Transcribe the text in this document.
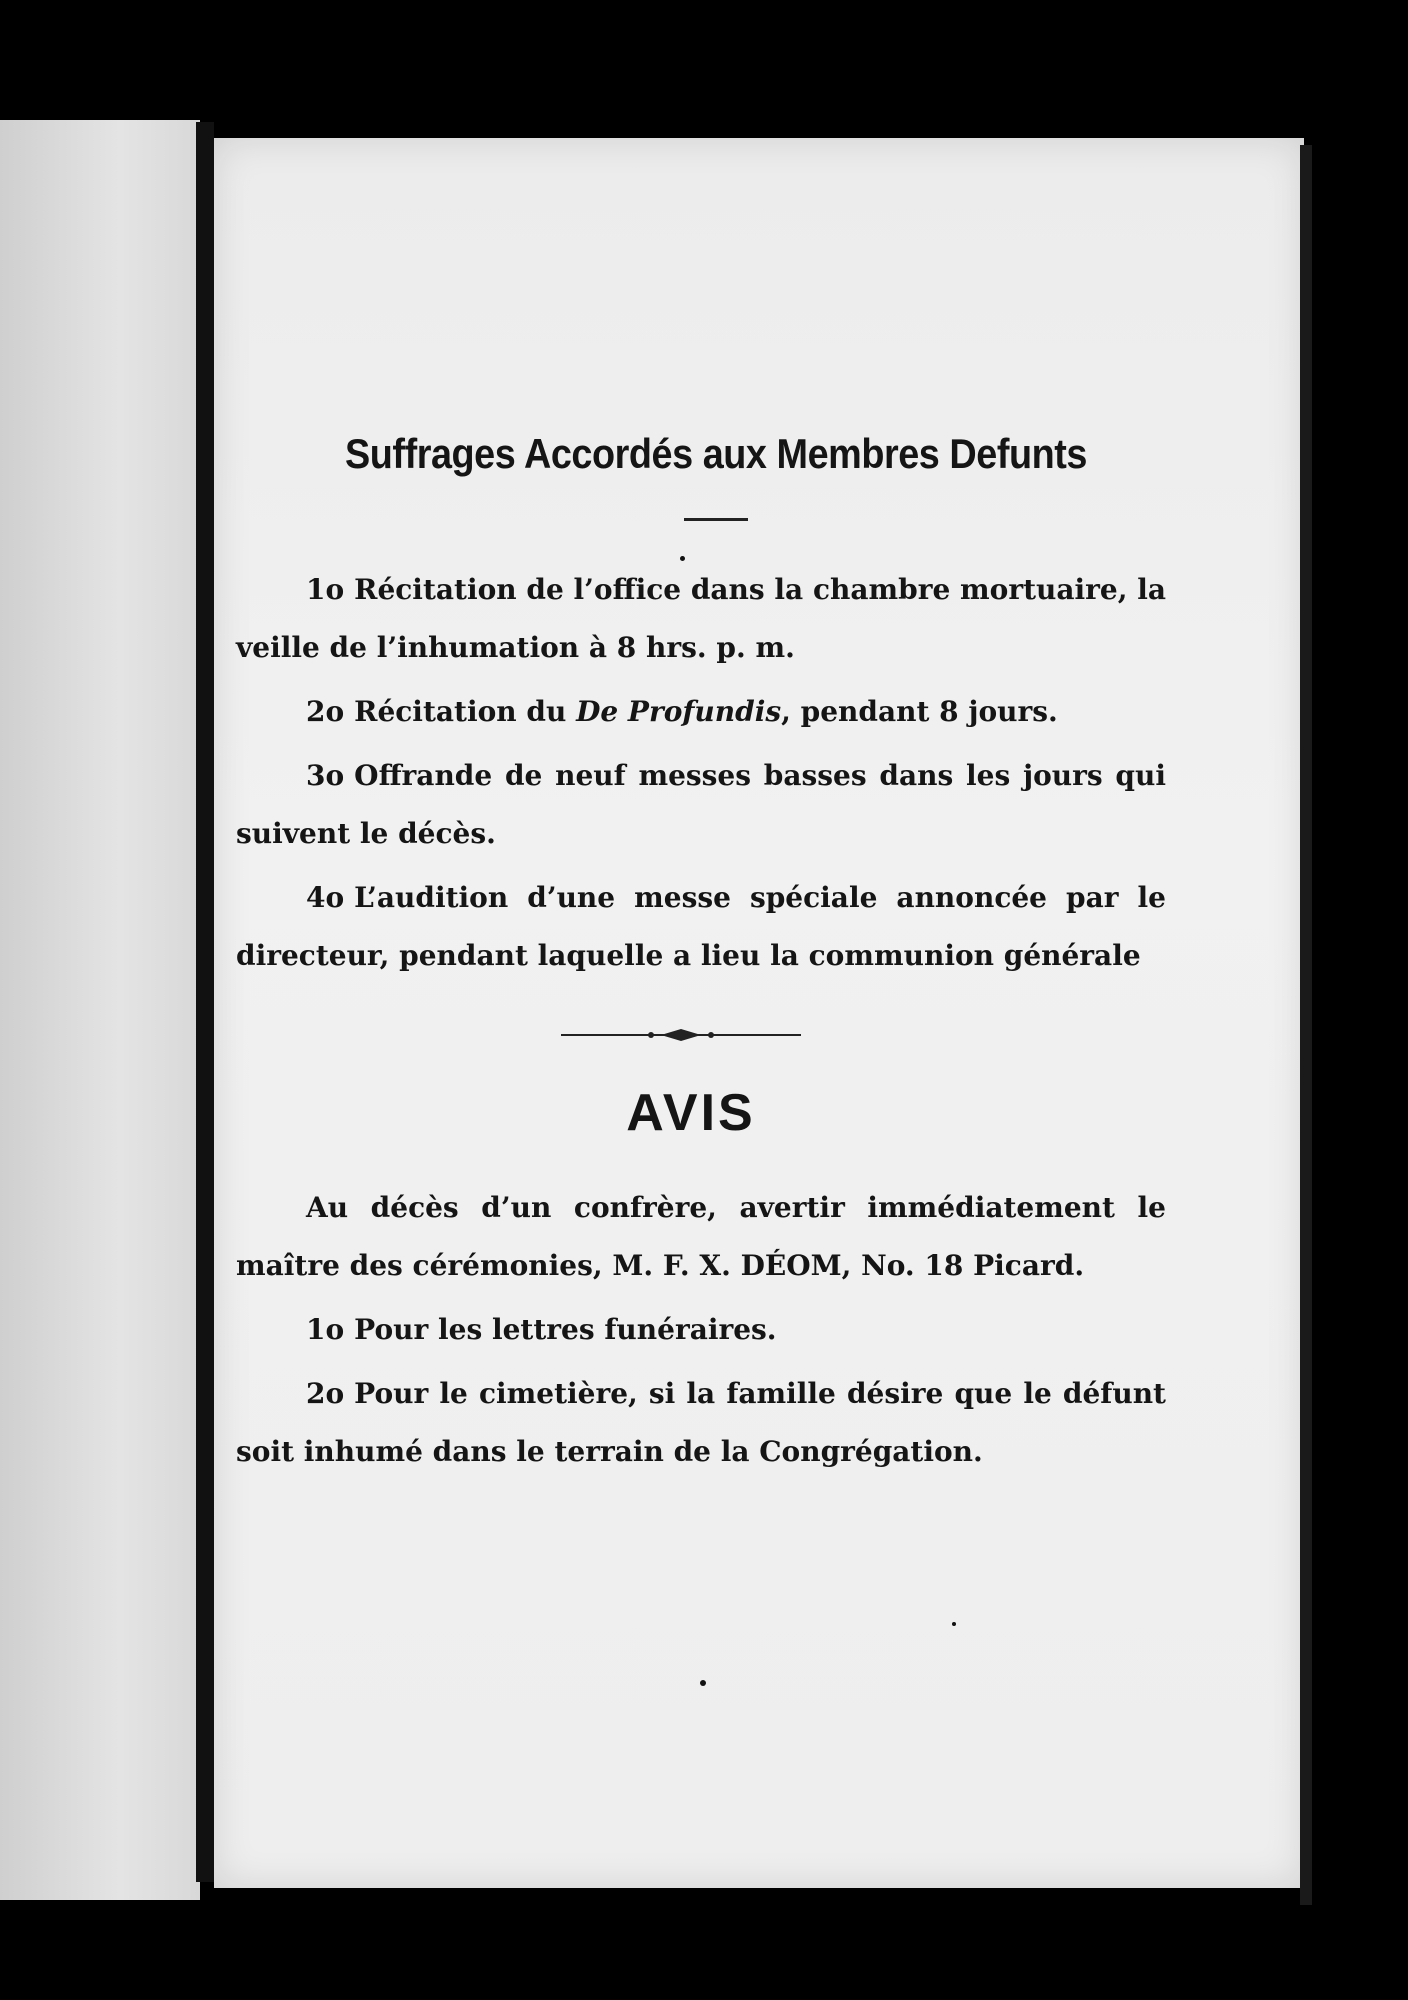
Suffrages Accordés aux Membres Defunts

1o Récitation de l’office dans la chambre mortuaire, la veille de l’inhumation à 8 hrs. p. m.

2o Récitation du De Profundis, pendant 8 jours.

3o Offrande de neuf messes basses dans les jours qui suivent le décès.

4o L’audition d’une messe spéciale annoncée par le directeur, pendant laquelle a lieu la communion générale

AVIS

Au décès d’un confrère, avertir immédiatement le maître des cérémonies, M. F. X. DÉOM, No. 18 Picard.

1o Pour les lettres funéraires.

2o Pour le cimetière, si la famille désire que le défunt soit inhumé dans le terrain de la Congrégation.
